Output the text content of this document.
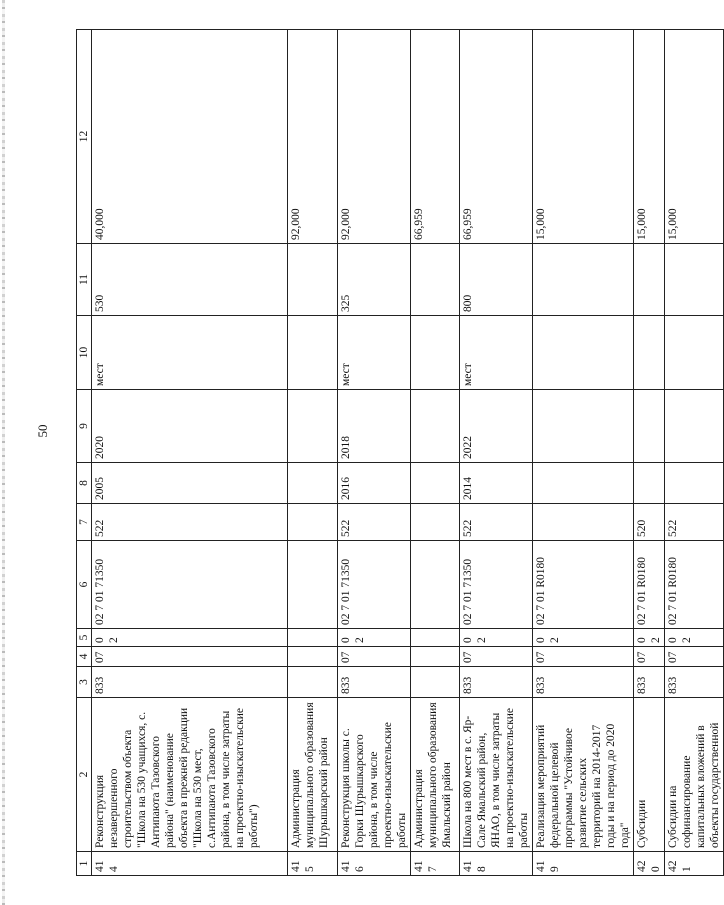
50
1	2	3	4	5	6	7	8	9	10	11	12
414	Реконструкция незавершенного строительством объекта "Школа на 530 учащихся, с. Антипаюта Тазовского района" (наименование объекта в прежней редакции "Школа на 530 мест, с.Антипаюта Тазовского района, в том числе затраты на проектно-изыскательские работы")	833	07	02	02 7 01 71350	522	2005	2020	мест	530	40,000
415	Администрация муниципального образования Шурышкарский район										92,000
416	Реконструкция школы с. Горки Шурышкарского района, в том числе проектно-изыскательские работы	833	07	02	02 7 01 71350	522	2016	2018	мест	325	92,000
417	Администрация муниципального образования Ямальский район										66,959
418	Школа на 800 мест в с. Яр-Сале Ямальский район, ЯНАО, в том числе затраты на проектно-изыскательские работы	833	07	02	02 7 01 71350	522	2014	2022	мест	800	66,959
419	Реализация мероприятий федеральной целевой программы "Устойчивое развитие сельских территорий на 2014-2017 годы и на период до 2020 года"	833	07	02	02 7 01 R0180						15,000
420	Субсидии	833	07	02	02 7 01 R0180	520					15,000
421	Субсидии на софинансирование капитальных вложений в объекты государственной	833	07	02	02 7 01 R0180	522					15,000
